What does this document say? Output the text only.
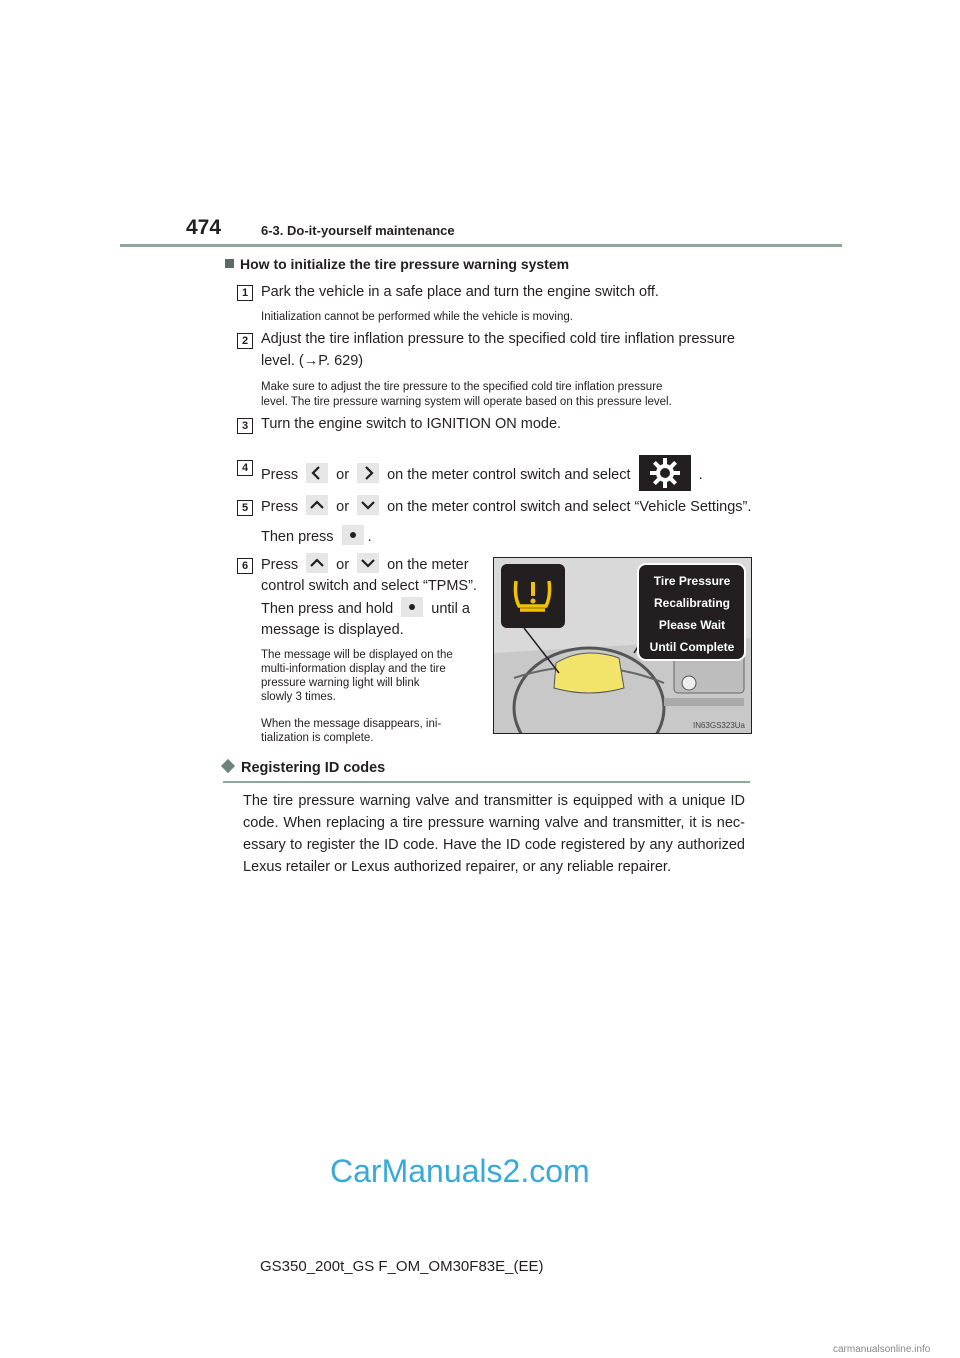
474	6-3. Do-it-yourself maintenance
How to initialize the tire pressure warning system
1 Park the vehicle in a safe place and turn the engine switch off.
Initialization cannot be performed while the vehicle is moving.
2 Adjust the tire inflation pressure to the specified cold tire inflation pressure
level. (→P. 629)
Make sure to adjust the tire pressure to the specified cold tire inflation pressure
level. The tire pressure warning system will operate based on this pressure level.
3 Turn the engine switch to IGNITION ON mode.
4 Press	or	on the meter control switch and select	.
5 Press	or	on the meter control switch and select “Vehicle Settings”.
Then press .
6 Press	or	on the meter
control switch and select “TPMS”.
Then press and hold	until a
message is displayed.
The message will be displayed on the
multi-information display and the tire
pressure warning light will blink
slowly 3 times.
When the message disappears, ini-
tialization is complete.
Tire Pressure
Recalibrating
Please Wait
Until Complete
IN63GS323Ua
Registering ID codes
The tire pressure warning valve and transmitter is equipped with a unique ID code. When replacing a tire pressure warning valve and transmitter, it is nec-essary to register the ID code. Have the ID code registered by any authorized Lexus retailer or Lexus authorized repairer, or any reliable repairer.
CarManuals2.com
GS350_200t_GS F_OM_OM30F83E_(EE)
carmanualsonline.info
